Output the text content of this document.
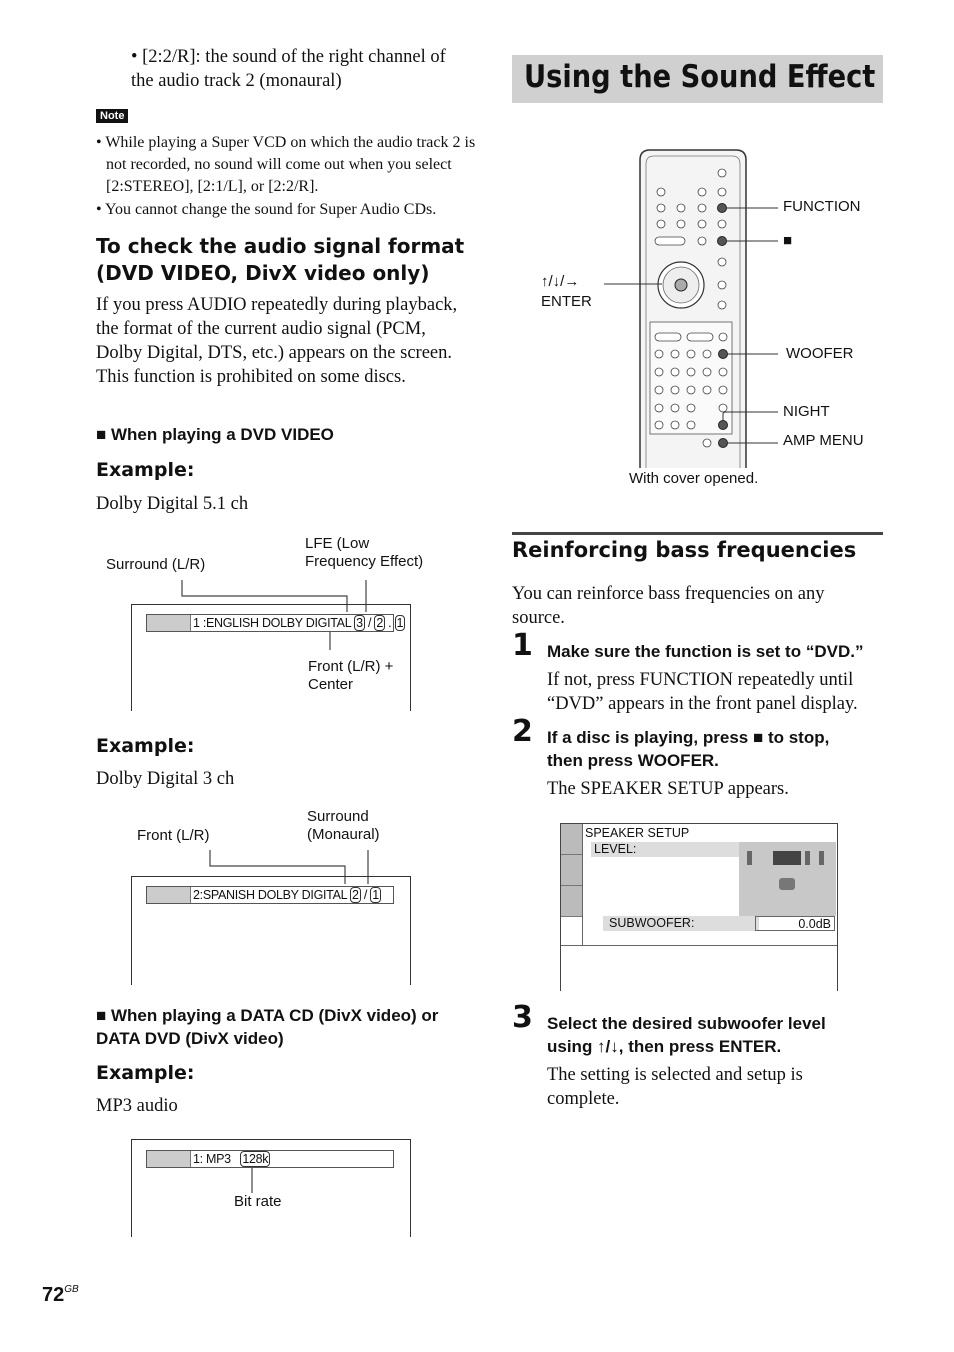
• [2:2/R]: the sound of the right channel of the audio track 2 (monaural)
Note
• While playing a Super VCD on which the audio track 2 is not recorded, no sound will come out when you select [2:STEREO], [2:1/L], or [2:2/R].
• You cannot change the sound for Super Audio CDs.
To check the audio signal format (DVD VIDEO, DivX video only)
If you press AUDIO repeatedly during playback, the format of the current audio signal (PCM, Dolby Digital, DTS, etc.) appears on the screen. This function is prohibited on some discs.
■ When playing a DVD VIDEO
Example:
Dolby Digital 5.1 ch
Surround (L/R)
LFE (Low
Frequency Effect)
1 :ENGLISH DOLBY DIGITAL 3 / 2 . 1
Front (L/R) +
Center
Example:
Dolby Digital 3 ch
Front (L/R)
Surround
(Monaural)
2:SPANISH DOLBY DIGITAL 2 / 1
■ When playing a DATA CD (DivX video) or DATA DVD (DivX video)
Example:
MP3 audio
1: MP3 128k
Bit rate
$72^{GB}$
Using the Sound Effect
FUNCTION
■
↑/↓/→
ENTER
WOOFER
NIGHT
AMP MENU
With cover opened.
Reinforcing bass frequencies
You can reinforce bass frequencies on any source.
1 Make sure the function is set to “DVD.”
If not, press FUNCTION repeatedly until “DVD” appears in the front panel display.
2 If a disc is playing, press ■ to stop, then press WOOFER.
The SPEAKER SETUP appears.
SPEAKER SETUP
LEVEL:
SUBWOOFER:	0.0dB
3 Select the desired subwoofer level using ↑/↓, then press ENTER.
The setting is selected and setup is complete.
